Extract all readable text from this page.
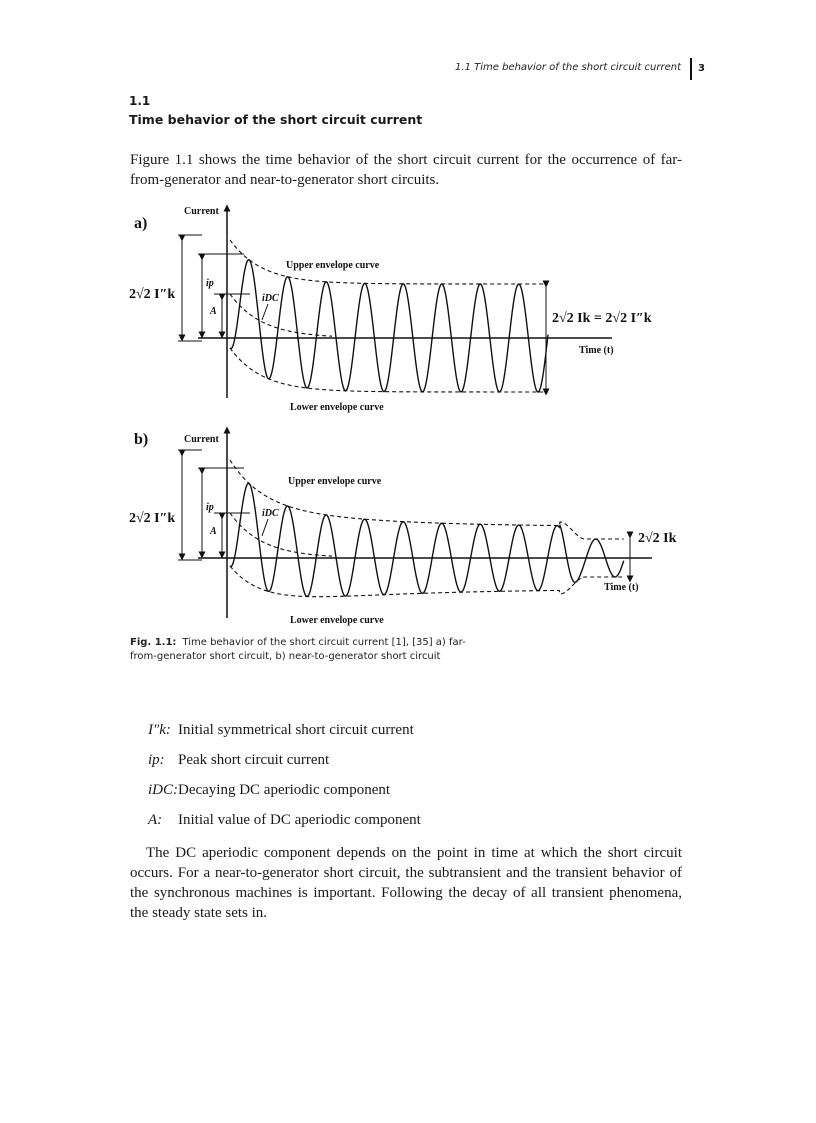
1.1 Time behavior of the short circuit current 3
1.1
Time behavior of the short circuit current

Figure 1.1 shows the time behavior of the short circuit current for the occurrence of far-from-generator and near-to-generator short circuits.

a)
Current
2√2 I″k
ip
A
iDC
Upper envelope curve
Lower envelope curve
Time (t)
2√2 Ik = 2√2 I″k
b)	Current
2√2 I″k
ip
A
iDC
Upper envelope curve
Lower envelope curve
Time (t)
2√2 Ik
Fig. 1.1: Time behavior of the short circuit current [1], [35] a) far-from-generator short circuit, b) near-to-generator short circuit
I″k: Initial symmetrical short circuit current
ip: Peak short circuit current
iDC: Decaying DC aperiodic component
A:	Initial value of DC aperiodic component

The DC aperiodic component depends on the point in time at which the short circuit occurs. For a near-to-generator short circuit, the subtransient and the transient behavior of the synchronous machines is important. Following the decay of all transient phenomena, the steady state sets in.
